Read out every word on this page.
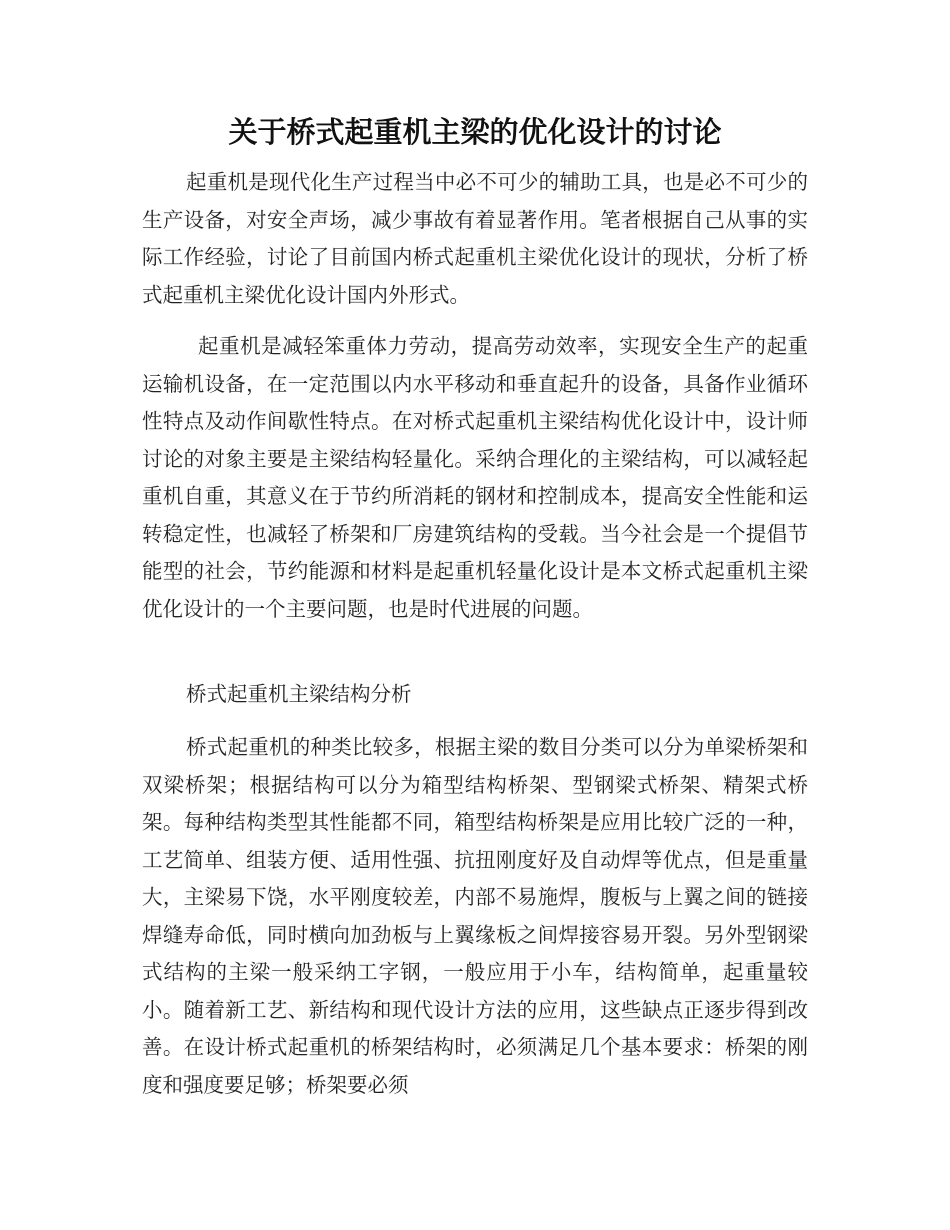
关于桥式起重机主梁的优化设计的讨论

起重机是现代化生产过程当中必不可少的辅助工具，也是必不可少的生产设备，对安全声场，减少事故有着显著作用。笔者根据自己从事的实际工作经验，讨论了目前国内桥式起重机主梁优化设计的现状，分析了桥式起重机主梁优化设计国内外形式。

起重机是减轻笨重体力劳动，提高劳动效率，实现安全生产的起重运输机设备，在一定范围以内水平移动和垂直起升的设备，具备作业循环性特点及动作间歇性特点。在对桥式起重机主梁结构优化设计中，设计师讨论的对象主要是主梁结构轻量化。采纳合理化的主梁结构，可以减轻起重机自重，其意义在于节约所消耗的钢材和控制成本，提高安全性能和运转稳定性，也减轻了桥架和厂房建筑结构的受载。当今社会是一个提倡节能型的社会，节约能源和材料是起重机轻量化设计是本文桥式起重机主梁优化设计的一个主要问题，也是时代进展的问题。

桥式起重机主梁结构分析

桥式起重机的种类比较多，根据主梁的数目分类可以分为单梁桥架和双梁桥架；根据结构可以分为箱型结构桥架、型钢梁式桥架、精架式桥架。每种结构类型其性能都不同，箱型结构桥架是应用比较广泛的一种，工艺简单、组装方便、适用性强、抗扭刚度好及自动焊等优点，但是重量大，主梁易下饶，水平刚度较差，内部不易施焊，腹板与上翼之间的链接焊缝寿命低，同时横向加劲板与上翼缘板之间焊接容易开裂。另外型钢梁式结构的主梁一般采纳工字钢，一般应用于小车，结构简单，起重量较小。随着新工艺、新结构和现代设计方法的应用，这些缺点正逐步得到改善。在设计桥式起重机的桥架结构时，必须满足几个基本要求：桥架的刚度和强度要足够；桥架要必须
